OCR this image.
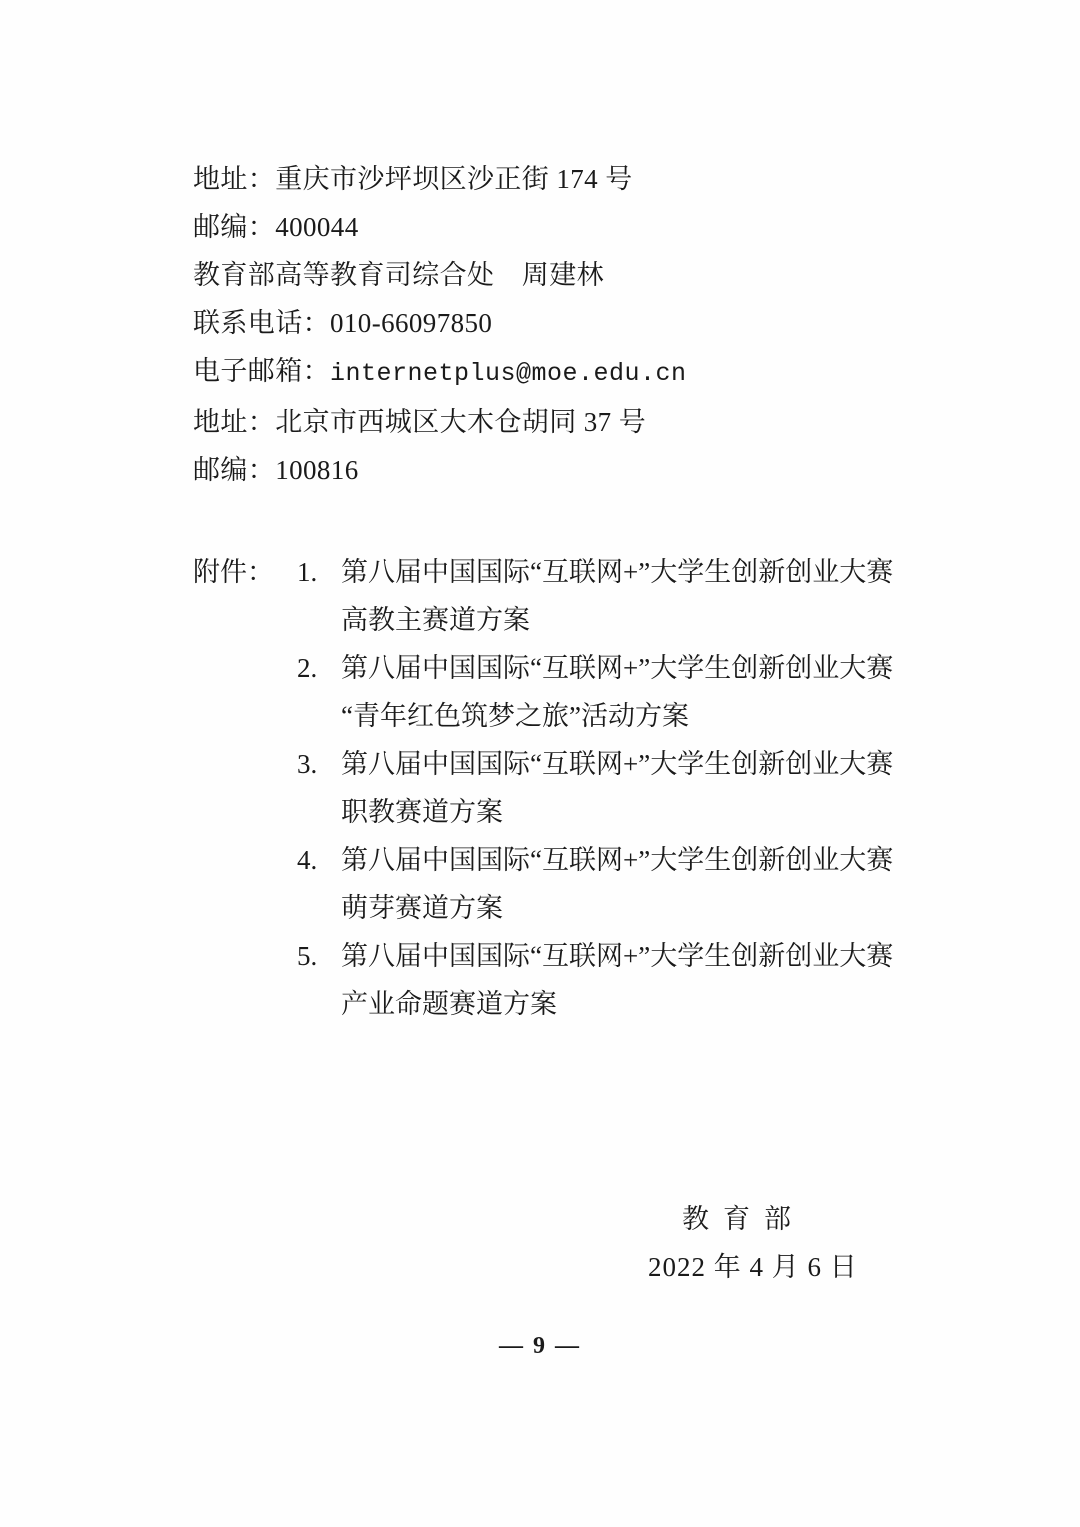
地址：重庆市沙坪坝区沙正街 174 号
邮编：400044
教育部高等教育司综合处　周建林
联系电话：010-66097850
电子邮箱：internetplus@moe.edu.cn
地址：北京市西城区大木仓胡同 37 号
邮编：100816
附件： 1. 第八届中国国际“互联网+”大学生创新创业大赛
高教主赛道方案
2. 第八届中国国际“互联网+”大学生创新创业大赛
“青年红色筑梦之旅”活动方案
3. 第八届中国国际“互联网+”大学生创新创业大赛
职教赛道方案
4. 第八届中国国际“互联网+”大学生创新创业大赛
萌芽赛道方案
5. 第八届中国国际“互联网+”大学生创新创业大赛
产业命题赛道方案
教育部
2022 年 4 月 6 日
— 9 —
